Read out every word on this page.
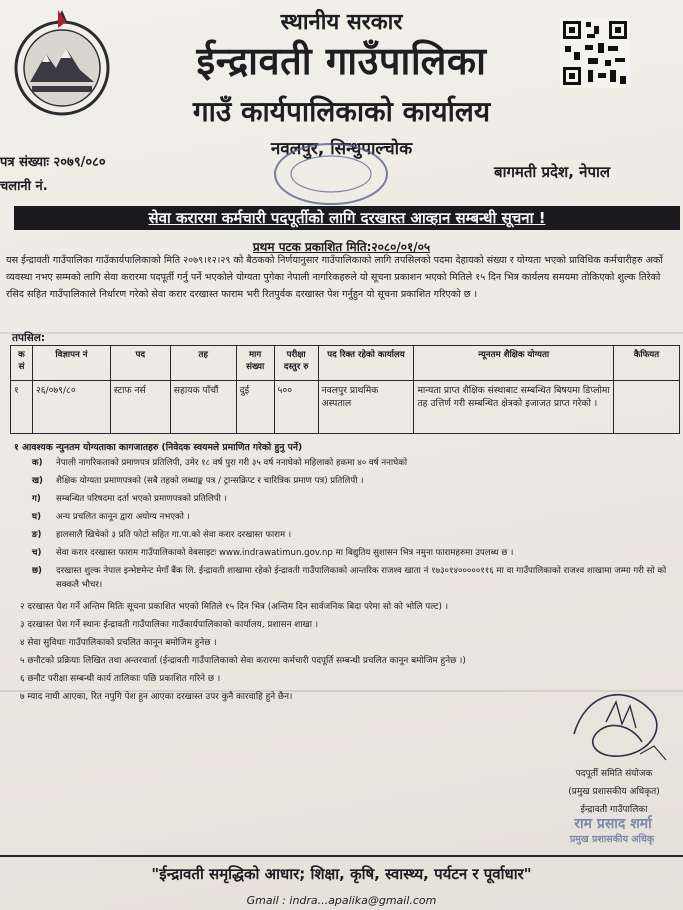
स्थानीय सरकार
ईन्द्रावती गाउँपालिका
गाउँ कार्यपालिकाको कार्यालय
नवलपुर, सिन्धुपाल्चोक
पत्र संख्याः २०७९/०८०
चलानी नं.
बागमती प्रदेश, नेपाल
सेवा करारमा कर्मचारी पदपूर्तीको लागि दरखास्त आव्हान सम्बन्धी सूचना !
प्रथम पटक प्रकाशित मिति:२०८०/०१/०५
यस ईन्द्रावती गाउँपालिका गाउँकार्यपालिकाको मिति २०७९।१२।२९ को बैठकको निर्णयानुसार गाउँपालिकाको लागि तपसिलको पदमा देहायको संख्या र योग्यता भएको प्राविधिक कर्मचारीहरु अर्को व्यवस्था नभए सम्मको लागि सेवा करारमा पदपूर्ती गर्नु पर्ने भएकोले योग्यता पुगेका नेपाली नागरिकहरुले यो सूचना प्रकाशन भएको मितिले १५ दिन भित्र कार्यलय समयमा तोकिएको शुल्क तिरेको रसिद सहित गाउँपालिकाले निर्धारण गरेको सेवा करार दरखास्त फाराम भरी रितपुर्वक दरखास्त पेश गर्नुहुन यो सूचना प्रकाशित गरिएको छ ।
तपसिल:
क सं	विज्ञापन नं	पद	तह	माग संख्या	परीक्षा दस्तुर रु	पद रिक्त रहेको कार्यालय	न्यूनतम शैक्षिक योग्यता	कैफियत
१	२६/०७९/८०	स्टाफ नर्स	सहायक पाँचौं	दुई	५००	नवलपुर प्राथमिक अस्पताल	मान्यता प्राप्त शैक्षिक संस्थाबाट सम्बन्धित बिषयमा डिप्लोमा तह उत्तिर्ण गरी सम्बन्धित क्षेत्रको इजाजत प्राप्त गरेको ।	
१ आवश्यक न्युनतम योग्यताका कागजातहरु (निवेदक स्वयमले प्रमाणित गरेको हुनु पर्ने)
क) नेपाली नागरिकताको प्रमाणपत्र प्रतिलिपी, उमेर १८ वर्ष पुरा गरी ३५ वर्ष ननाघेको महिलाको हकमा ४० वर्ष ननाघेको
ख) शैक्षिक योग्यता प्रमाणपत्रको (सबै तहको लब्धाङ्क पत्र / ट्रान्सक्रिप्ट र चारित्रिक प्रमाण पत्र) प्रतिलिपी ।
ग) सम्बन्धित परिषदमा दर्ता भएको प्रमाणपत्रको प्रतिलिपी ।
घ) अन्य प्रचलित कानून द्वारा अयोग्य नभएको ।
ङ) हालसालै खिचेको ३ प्रति फोटो सहित गा.पा.को सेवा करार दरखास्त फाराम ।
च) सेवा करार दरखास्त फाराम गाउँपालिकाको वेबसाइटः www.indrawatimun.gov.np मा बिद्युतिय सुशासन भित्र नमुना फारामहरुमा उपलब्ध छ ।
छ) दरखास्त शुल्क नेपाल इन्भेष्टमेन्ट मेगाँ बैंक लि. ईन्द्रावती शाखामा रहेको ईन्द्रावती गाउँपालिकाको आन्तरिक राजश्व खाता नं १७३०१४०००००११६ मा वा गाउँपालिकाको राजश्व शाखामा जम्मा गरी सो को सक्कलै भौचर।
२ दरखास्त पेश गर्ने अन्तिम मितिः सूचना प्रकाशित भएको मितिले १५ दिन भित्र (अन्तिम दिन सार्वजनिक बिदा परेमा सो को भोलि पल्ट) ।
३ दरखास्त पेश गर्ने स्थानः ईन्द्रावती गाउँपालिका गाउँकार्यपालिकाको कार्यालय, प्रशासन शाखा ।
४ सेवा सुविधाः गाउँपालिकाको प्रचलित कानून बमोजिम हुनेछ ।
५ छनौटको प्रक्रियाः लिखित तथा अन्तरवार्ता (ईन्द्रावती गाउँपालिकाको सेवा करारमा कर्मचारी पदपूर्ति सम्बन्धी प्रचलित कानून बमोजिम हुनेछ ।)
६ छनौट परीक्षा सम्बन्धी कार्य तालिकाः पछि प्रकाशित गरिने छ ।
७ म्याद नाघी आएका, रित नपुगि पेश हुन आएका दरखास्त उपर कुनै कारवाहि हुने छैन।
पदपूर्ती समिति संयोजक
(प्रमुख प्रशासकीय अधिकृत)
ईन्द्रावती गाउँपालिका
राम प्रसाद शर्मा
प्रमुख प्रशासकीय अधिकृ
"ईन्द्रावती समृद्धिको आधार; शिक्षा, कृषि, स्वास्थ्य, पर्यटन र पूर्वाधार"
Gmail : indra...apalika@gmail.com
